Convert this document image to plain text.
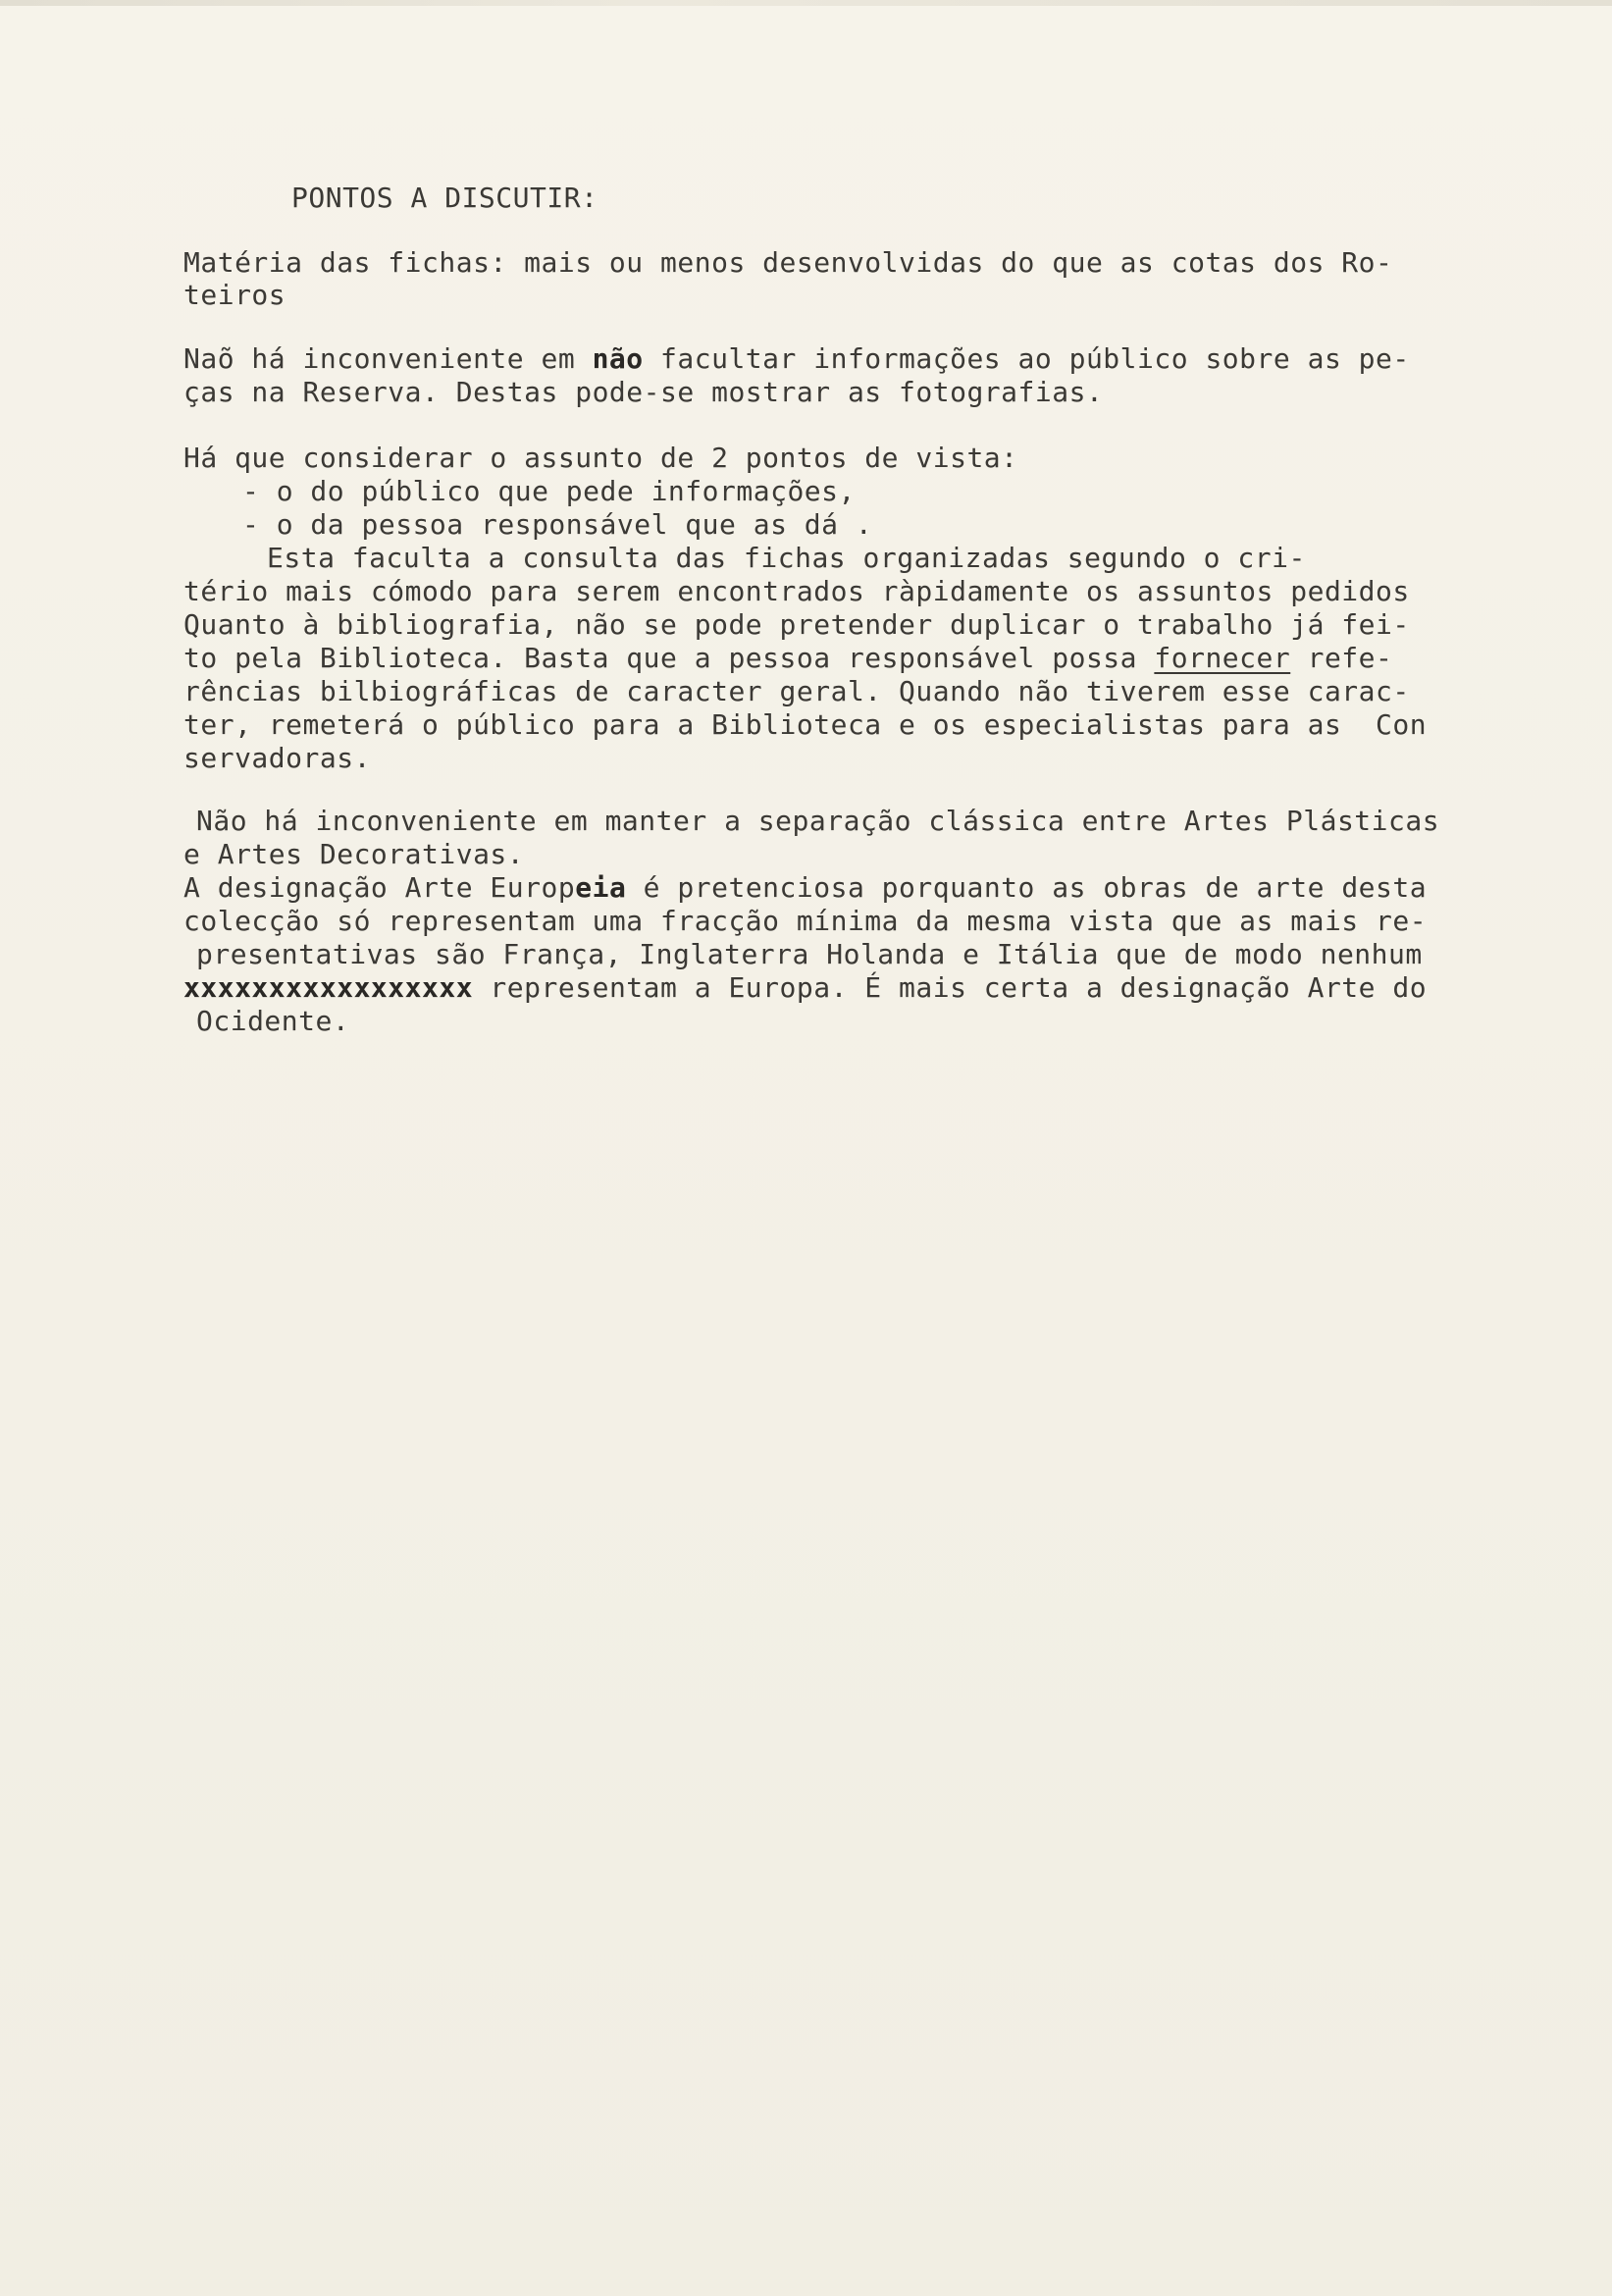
PONTOS A DISCUTIR:
Matéria das fichas: mais ou menos desenvolvidas do que as cotas dos Ro-
teiros
Naõ há inconveniente em não facultar informações ao público sobre as pe-
ças na Reserva. Destas pode-se mostrar as fotografias.
Há que considerar o assunto de 2 pontos de vista:
- o do público que pede informações,
- o da pessoa responsável que as dá .
Esta faculta a consulta das fichas organizadas segundo o cri-
tério mais cómodo para serem encontrados ràpidamente os assuntos pedidos
Quanto à bibliografia, não se pode pretender duplicar o trabalho já fei-
to pela Biblioteca. Basta que a pessoa responsável possa fornecer refe-
rências bilbiográficas de caracter geral. Quando não tiverem esse carac-
ter, remeterá o público para a Biblioteca e os especialistas para as  Con
servadoras.
Não há inconveniente em manter a separação clássica entre Artes Plásticas
e Artes Decorativas.
A designação Arte Europeia é pretenciosa porquanto as obras de arte desta
colecção só representam uma fracção mínima da mesma vista que as mais re-
presentativas são França, Inglaterra Holanda e Itália que de modo nenhum
xxxxxxxxxxxxxxxxx representam a Europa. É mais certa a designação Arte do
Ocidente.
